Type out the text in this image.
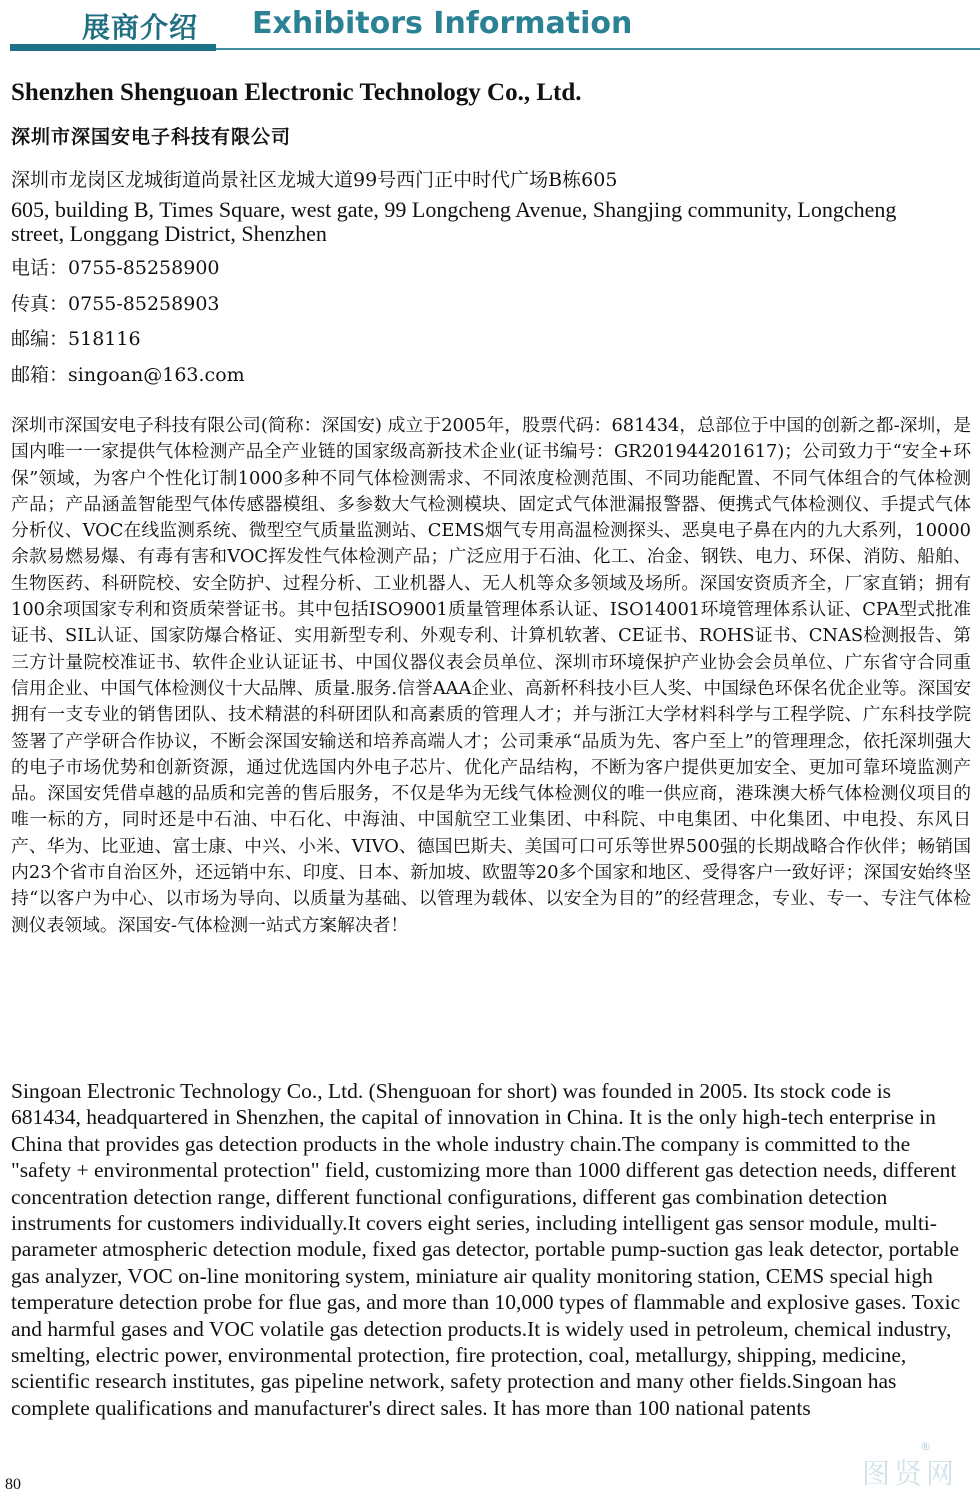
展商介绍 Exhibitors Information
Shenzhen Shenguoan Electronic Technology Co., Ltd.
深圳市深国安电子科技有限公司
深圳市龙岗区龙城街道尚景社区龙城大道99号西门正中时代广场B栋605
605, building B, Times Square, west gate, 99 Longcheng Avenue, Shangjing community, Longcheng street, Longgang District, Shenzhen
电话：0755-85258900
传真：0755-85258903
邮编：518116
邮箱：singoan@163.com
深圳市深国安电子科技有限公司(简称：深国安) 成立于2005年，股票代码：681434，总部位于中国的创新之都-深圳，是国内唯一一家提供气体检测产品全产业链的国家级高新技术企业(证书编号：GR201944201617)；公司致力于“安全+环保”领域，为客户个性化订制1000多种不同气体检测需求、不同浓度检测范围、不同功能配置、不同气体组合的气体检测产品；产品涵盖智能型气体传感器模组、多参数大气检测模块、固定式气体泄漏报警器、便携式气体检测仪、手提式气体分析仪、VOC在线监测系统、微型空气质量监测站、CEMS烟气专用高温检测探头、恶臭电子鼻在内的九大系列，10000余款易燃易爆、有毒有害和VOC挥发性气体检测产品；广泛应用于石油、化工、冶金、钢铁、电力、环保、消防、船舶、生物医药、科研院校、安全防护、过程分析、工业机器人、无人机等众多领域及场所。深国安资质齐全，厂家直销；拥有100余项国家专利和资质荣誉证书。其中包括ISO9001质量管理体系认证、ISO14001环境管理体系认证、CPA型式批准证书、SIL认证、国家防爆合格证、实用新型专利、外观专利、计算机软著、CE证书、ROHS证书、CNAS检测报告、第三方计量院校准证书、软件企业认证证书、中国仪器仪表会员单位、深圳市环境保护产业协会会员单位、广东省守合同重信用企业、中国气体检测仪十大品牌、质量.服务.信誉AAA企业、高新杯科技小巨人奖、中国绿色环保名优企业等。深国安拥有一支专业的销售团队、技术精湛的科研团队和高素质的管理人才；并与浙江大学材料科学与工程学院、广东科技学院签署了产学研合作协议，不断会深国安输送和培养高端人才；公司秉承“品质为先、客户至上”的管理理念，依托深圳强大的电子市场优势和创新资源，通过优选国内外电子芯片、优化产品结构，不断为客户提供更加安全、更加可靠环境监测产品。深国安凭借卓越的品质和完善的售后服务，不仅是华为无线气体检测仪的唯一供应商，港珠澳大桥气体检测仪项目的唯一标的方，同时还是中石油、中石化、中海油、中国航空工业集团、中科院、中电集团、中化集团、中电投、东风日产、华为、比亚迪、富士康、中兴、小米、VIVO、德国巴斯夫、美国可口可乐等世界500强的长期战略合作伙伴；畅销国内23个省市自治区外，还远销中东、印度、日本、新加坡、欧盟等20多个国家和地区、受得客户一致好评；深国安始终坚持“以客户为中心、以市场为导向、以质量为基础、以管理为载体、以安全为目的”的经营理念，专业、专一、专注气体检测仪表领域。深国安-气体检测一站式方案解决者！
Singoan Electronic Technology Co., Ltd. (Shenguoan for short) was founded in 2005. Its stock code is 681434, headquartered in Shenzhen, the capital of innovation in China. It is the only high-tech enterprise in China that provides gas detection products in the whole industry chain.The company is committed to the "safety + environmental protection" field, customizing more than 1000 different gas detection needs, different concentration detection range, different functional configurations, different gas combination detection instruments for customers individually.It covers eight series, including intelligent gas sensor module, multi-parameter atmospheric detection module, fixed gas detector, portable pump-suction gas leak detector, portable gas analyzer, VOC on-line monitoring system, miniature air quality monitoring station, CEMS special high temperature detection probe for flue gas, and more than 10,000 types of flammable and explosive gases. Toxic and harmful gases and VOC volatile gas detection products.It is widely used in petroleum, chemical industry, smelting, electric power, environmental protection, fire protection, coal, metallurgy, shipping, medicine, scientific research institutes, gas pipeline network, safety protection and many other fields.Singoan has complete qualifications and manufacturer's direct sales. It has more than 100 national patents
80
®
图贤网
